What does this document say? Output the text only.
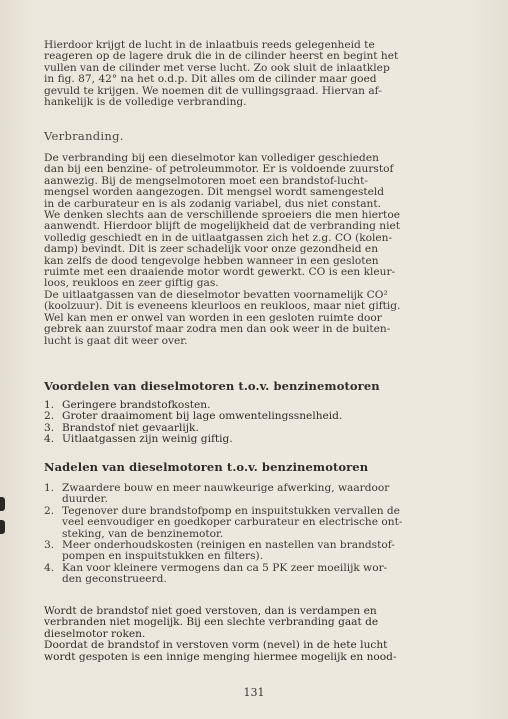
Hierdoor krijgt de lucht in de inlaatbuis reeds gelegenheid te
reageren op de lagere druk die in de cilinder heerst en begint het
vullen van de cilinder met verse lucht. Zo ook sluit de inlaatklep
in fig. 87, 42° na het o.d.p. Dit alles om de cilinder maar goed
gevuld te krijgen. We noemen dit de vullingsgraad. Hiervan af-
hankelijk is de volledige verbranding.
Verbranding.
De verbranding bij een dieselmotor kan vollediger geschieden
dan bij een benzine- of petroleummotor. Er is voldoende zuurstof
aanwezig. Bij de mengselmotoren moet een brandstof-lucht-
mengsel worden aangezogen. Dit mengsel wordt samengesteld
in de carburateur en is als zodanig variabel, dus niet constant.
We denken slechts aan de verschillende sproeiers die men hiertoe
aanwendt. Hierdoor blijft de mogelijkheid dat de verbranding niet
volledig geschiedt en in de uitlaatgassen zich het z.g. CO (kolen-
damp) bevindt. Dit is zeer schadelijk voor onze gezondheid en
kan zelfs de dood tengevolge hebben wanneer in een gesloten
ruimte met een draaiende motor wordt gewerkt. CO is een kleur-
loos, reukloos en zeer giftig gas.
De uitlaatgassen van de dieselmotor bevatten voornamelijk CO²
(koolzuur). Dit is eveneens kleurloos en reukloos, maar niet giftig.
Wel kan men er onwel van worden in een gesloten ruimte door
gebrek aan zuurstof maar zodra men dan ook weer in de buiten-
lucht is gaat dit weer over.
Voordelen van dieselmotoren t.o.v. benzinemotoren
1. Geringere brandstofkosten.
2. Groter draaimoment bij lage omwentelingssnelheid.
3. Brandstof niet gevaarlijk.
4. Uitlaatgassen zijn weinig giftig.
Nadelen van dieselmotoren t.o.v. benzinemotoren
1. Zwaardere bouw en meer nauwkeurige afwerking, waardoor
duurder.
2. Tegenover dure brandstofpomp en inspuitstukken vervallen de
veel eenvoudiger en goedkoper carburateur en electrische ont-
steking, van de benzinemotor.
3. Meer onderhoudskosten (reinigen en nastellen van brandstof-
pompen en inspuitstukken en filters).
4. Kan voor kleinere vermogens dan ca 5 PK zeer moeilijk wor-
den geconstrueerd.
Wordt de brandstof niet goed verstoven, dan is verdampen en
verbranden niet mogelijk. Bij een slechte verbranding gaat de
dieselmotor roken.
Doordat de brandstof in verstoven vorm (nevel) in de hete lucht
wordt gespoten is een innige menging hiermee mogelijk en nood-
131
